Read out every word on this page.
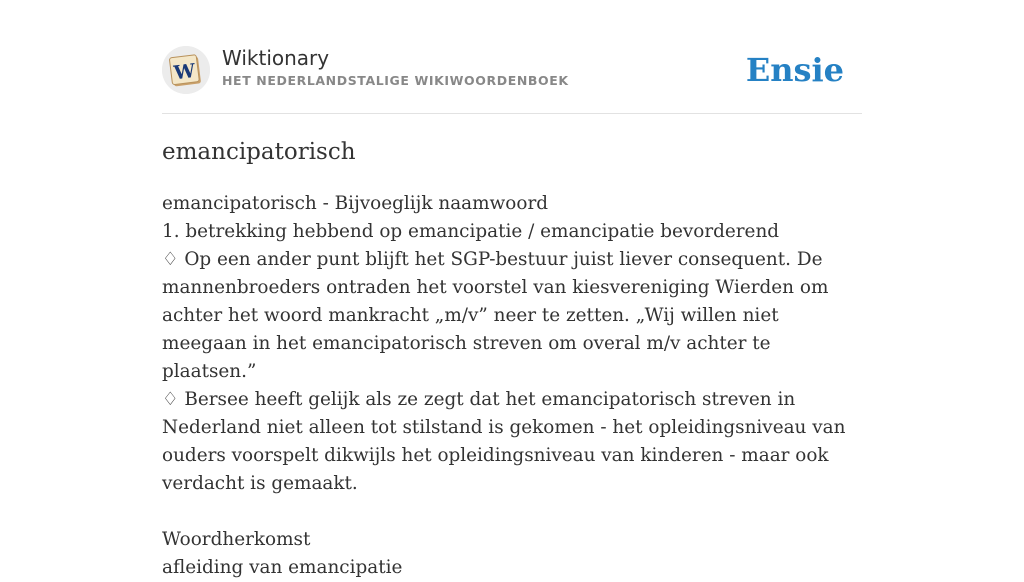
W
Wiktionary
HET NEDERLANDSTALIGE WIKIWOORDENBOEK	Ensie
emancipatorisch

emancipatorisch - Bijvoeglijk naamwoord

1. betrekking hebbend op emancipatie / emancipatie bevorderend

♢ Op een ander punt blijft het SGP-bestuur juist liever consequent. De mannenbroeders ontraden het voorstel van kiesvereniging Wierden om achter het woord mankracht „m/v” neer te zetten. „Wij willen niet meegaan in het emancipatorisch streven om overal m/v achter te plaatsen.”

♢ Bersee heeft gelijk als ze zegt dat het emancipatorisch streven in Nederland niet alleen tot stilstand is gekomen - het opleidingsniveau van ouders voorspelt dikwijls het opleidingsniveau van kinderen - maar ook verdacht is gemaakt.

Woordherkomst

afleiding van emancipatie
